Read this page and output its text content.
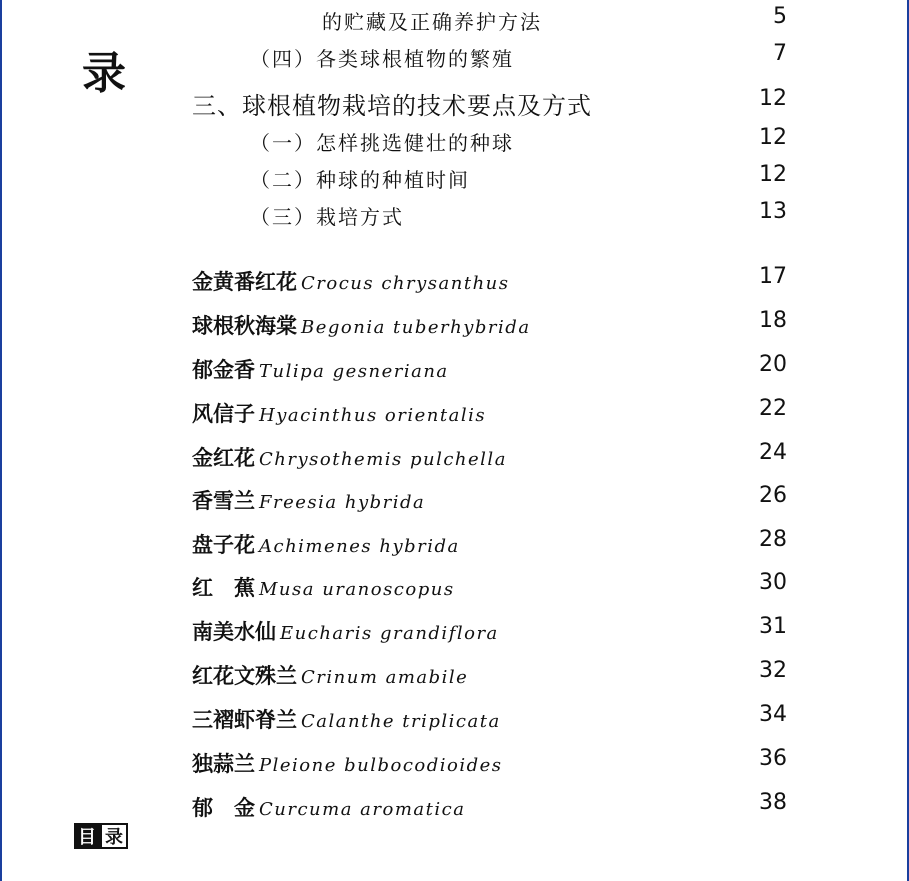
录
的贮藏及正确养护方法	5
（四）各类球根植物的繁殖	7
三、球根植物栽培的技术要点及方式	12
（一）怎样挑选健壮的种球	12
（二）种球的种植时间	12
（三）栽培方式	13
金黄番红花 Crocus chrysanthus	17
球根秋海棠 Begonia tuberhybrida	18
郁金香 Tulipa gesneriana	20
风信子 Hyacinthus orientalis	22
金红花 Chrysothemis pulchella	24
香雪兰 Freesia hybrida	26
盘子花 Achimenes hybrida	28
红　蕉 Musa uranoscopus	30
南美水仙 Eucharis grandiflora	31
红花文殊兰 Crinum amabile	32
三褶虾脊兰 Calanthe triplicata	34
独蒜兰 Pleione bulbocodioides	36
郁　金 Curcuma aromatica	38
目 录
